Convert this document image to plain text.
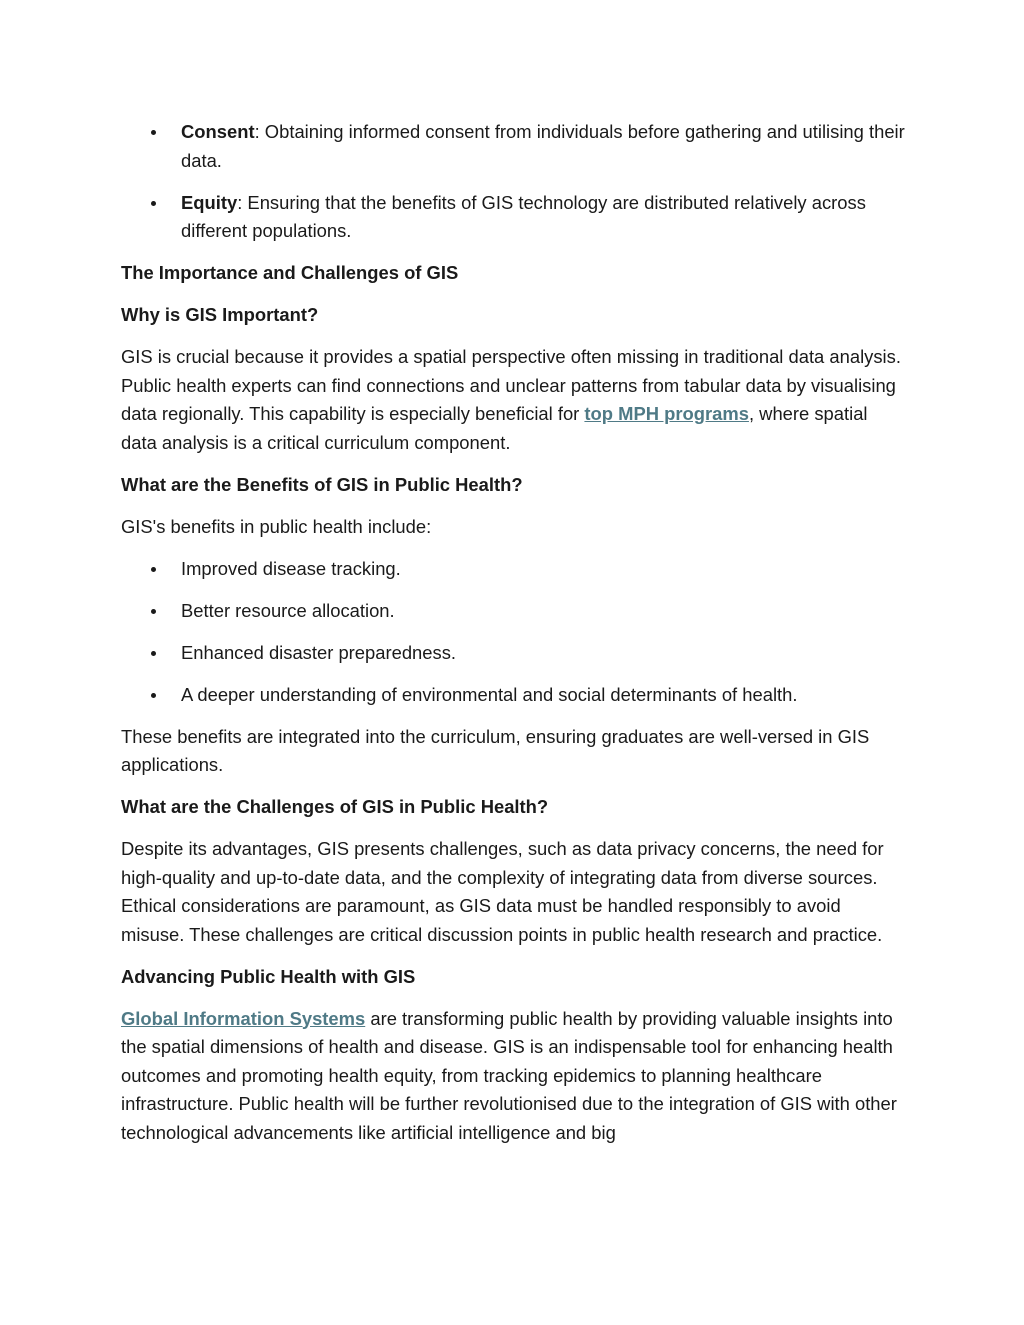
Consent: Obtaining informed consent from individuals before gathering and utilising their data.
Equity: Ensuring that the benefits of GIS technology are distributed relatively across different populations.

The Importance and Challenges of GIS

Why is GIS Important?

GIS is crucial because it provides a spatial perspective often missing in traditional data analysis. Public health experts can find connections and unclear patterns from tabular data by visualising data regionally. This capability is especially beneficial for top MPH programs, where spatial data analysis is a critical curriculum component.

What are the Benefits of GIS in Public Health?

GIS's benefits in public health include:

Improved disease tracking.
Better resource allocation.
Enhanced disaster preparedness.
A deeper understanding of environmental and social determinants of health.

These benefits are integrated into the curriculum, ensuring graduates are well-versed in GIS applications.

What are the Challenges of GIS in Public Health?

Despite its advantages, GIS presents challenges, such as data privacy concerns, the need for high-quality and up-to-date data, and the complexity of integrating data from diverse sources. Ethical considerations are paramount, as GIS data must be handled responsibly to avoid misuse. These challenges are critical discussion points in public health research and practice.

Advancing Public Health with GIS

Global Information Systems are transforming public health by providing valuable insights into the spatial dimensions of health and disease. GIS is an indispensable tool for enhancing health outcomes and promoting health equity, from tracking epidemics to planning healthcare infrastructure. Public health will be further revolutionised due to the integration of GIS with other technological advancements like artificial intelligence and big
